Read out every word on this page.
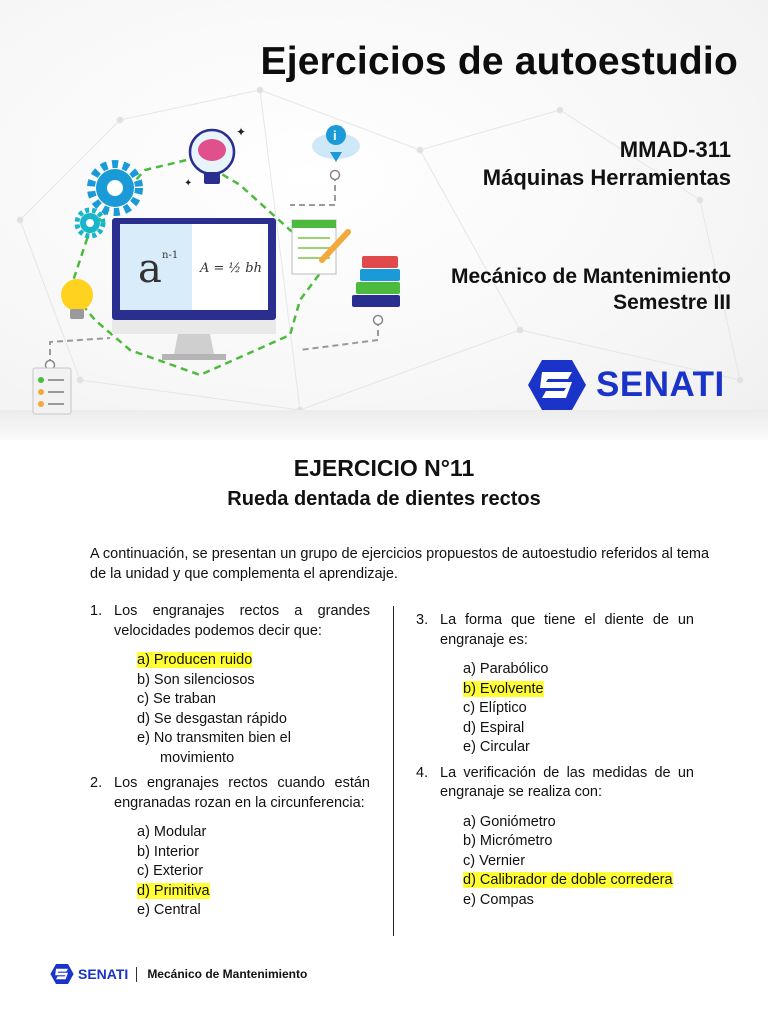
Ejercicios de autoestudio
MMAD-311
Máquinas Herramientas
Mecánico de Mantenimiento
Semestre III
SENATI
a n-1
A = ½ bh
✦
✦
i
EJERCICIO N°11
Rueda dentada de dientes rectos

A continuación, se presentan un grupo de ejercicios propuestos de autoestudio referidos al tema de la unidad y que complementa el aprendizaje.

1. Los engranajes rectos a grandes velocidades podemos decir que:
a) Producen ruido
b) Son silenciosos
c) Se traban
d) Se desgastan rápido
e) No transmiten bien el
movimiento
2. Los engranajes rectos cuando están engranadas rozan en la circunferencia:
a) Modular
b) Interior
c) Exterior
d) Primitiva
e) Central
3. La forma que tiene el diente de un engranaje es:
a) Parabólico
b) Evolvente
c) Elíptico
d) Espiral
e) Circular
4. La verificación de las medidas de un engranaje se realiza con:
a) Goniómetro
b) Micrómetro
c) Vernier
d) Calibrador de doble corredera
e) Compas
SENATI Mecánico de Mantenimiento
